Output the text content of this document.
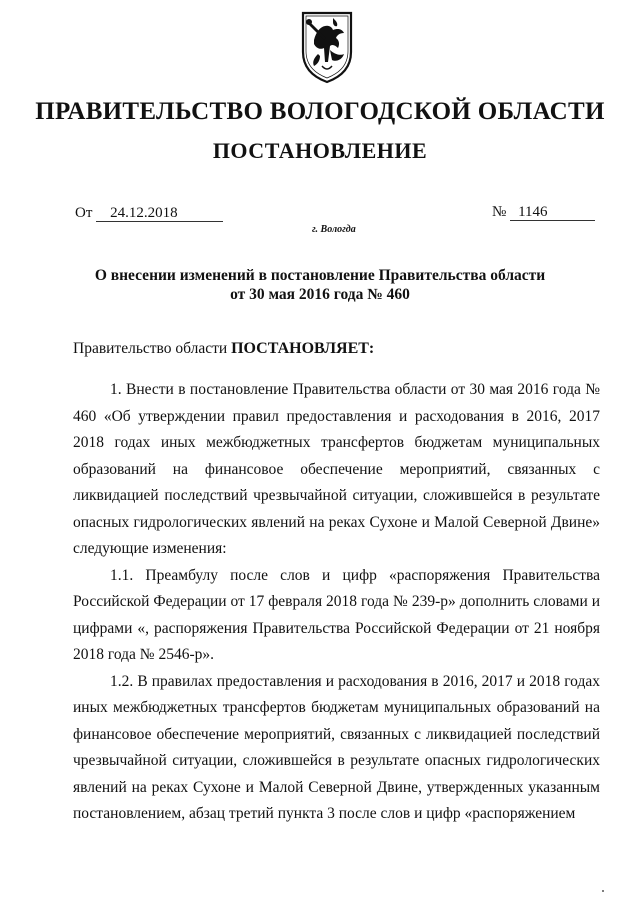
ПРАВИТЕЛЬСТВО ВОЛОГОДСКОЙ ОБЛАСТИ
ПОСТАНОВЛЕНИЕ
От 24.12.2018	№ 1146
г. Вологда
О внесении изменений в постановление Правительства области
от 30 мая 2016 года № 460
Правительство области ПОСТАНОВЛЯЕТ:

1. Внести в постановление Правительства области от 30 мая 2016 года № 460 «Об утверждении правил предоставления и расходования в 2016, 2017 2018 годах иных межбюджетных трансфертов бюджетам муниципальных образований на финансовое обеспечение мероприятий, связанных с ликвидацией последствий чрезвычайной ситуации, сложившейся в результате опасных гидрологических явлений на реках Сухоне и Малой Северной Двине» следующие изменения:

1.1. Преамбулу после слов и цифр «распоряжения Правительства Российской Федерации от 17 февраля 2018 года № 239-р» дополнить словами и цифрами «, распоряжения Правительства Российской Федерации от 21 ноября 2018 года № 2546-р».

1.2. В правилах предоставления и расходования в 2016, 2017 и 2018 годах иных межбюджетных трансфертов бюджетам муниципальных образований на финансовое обеспечение мероприятий, связанных с ликвидацией последствий чрезвычайной ситуации, сложившейся в результате опасных гидрологических явлений на реках Сухоне и Малой Северной Двине, утвержденных указанным постановлением, абзац третий пункта 3 после слов и цифр «распоряжением
